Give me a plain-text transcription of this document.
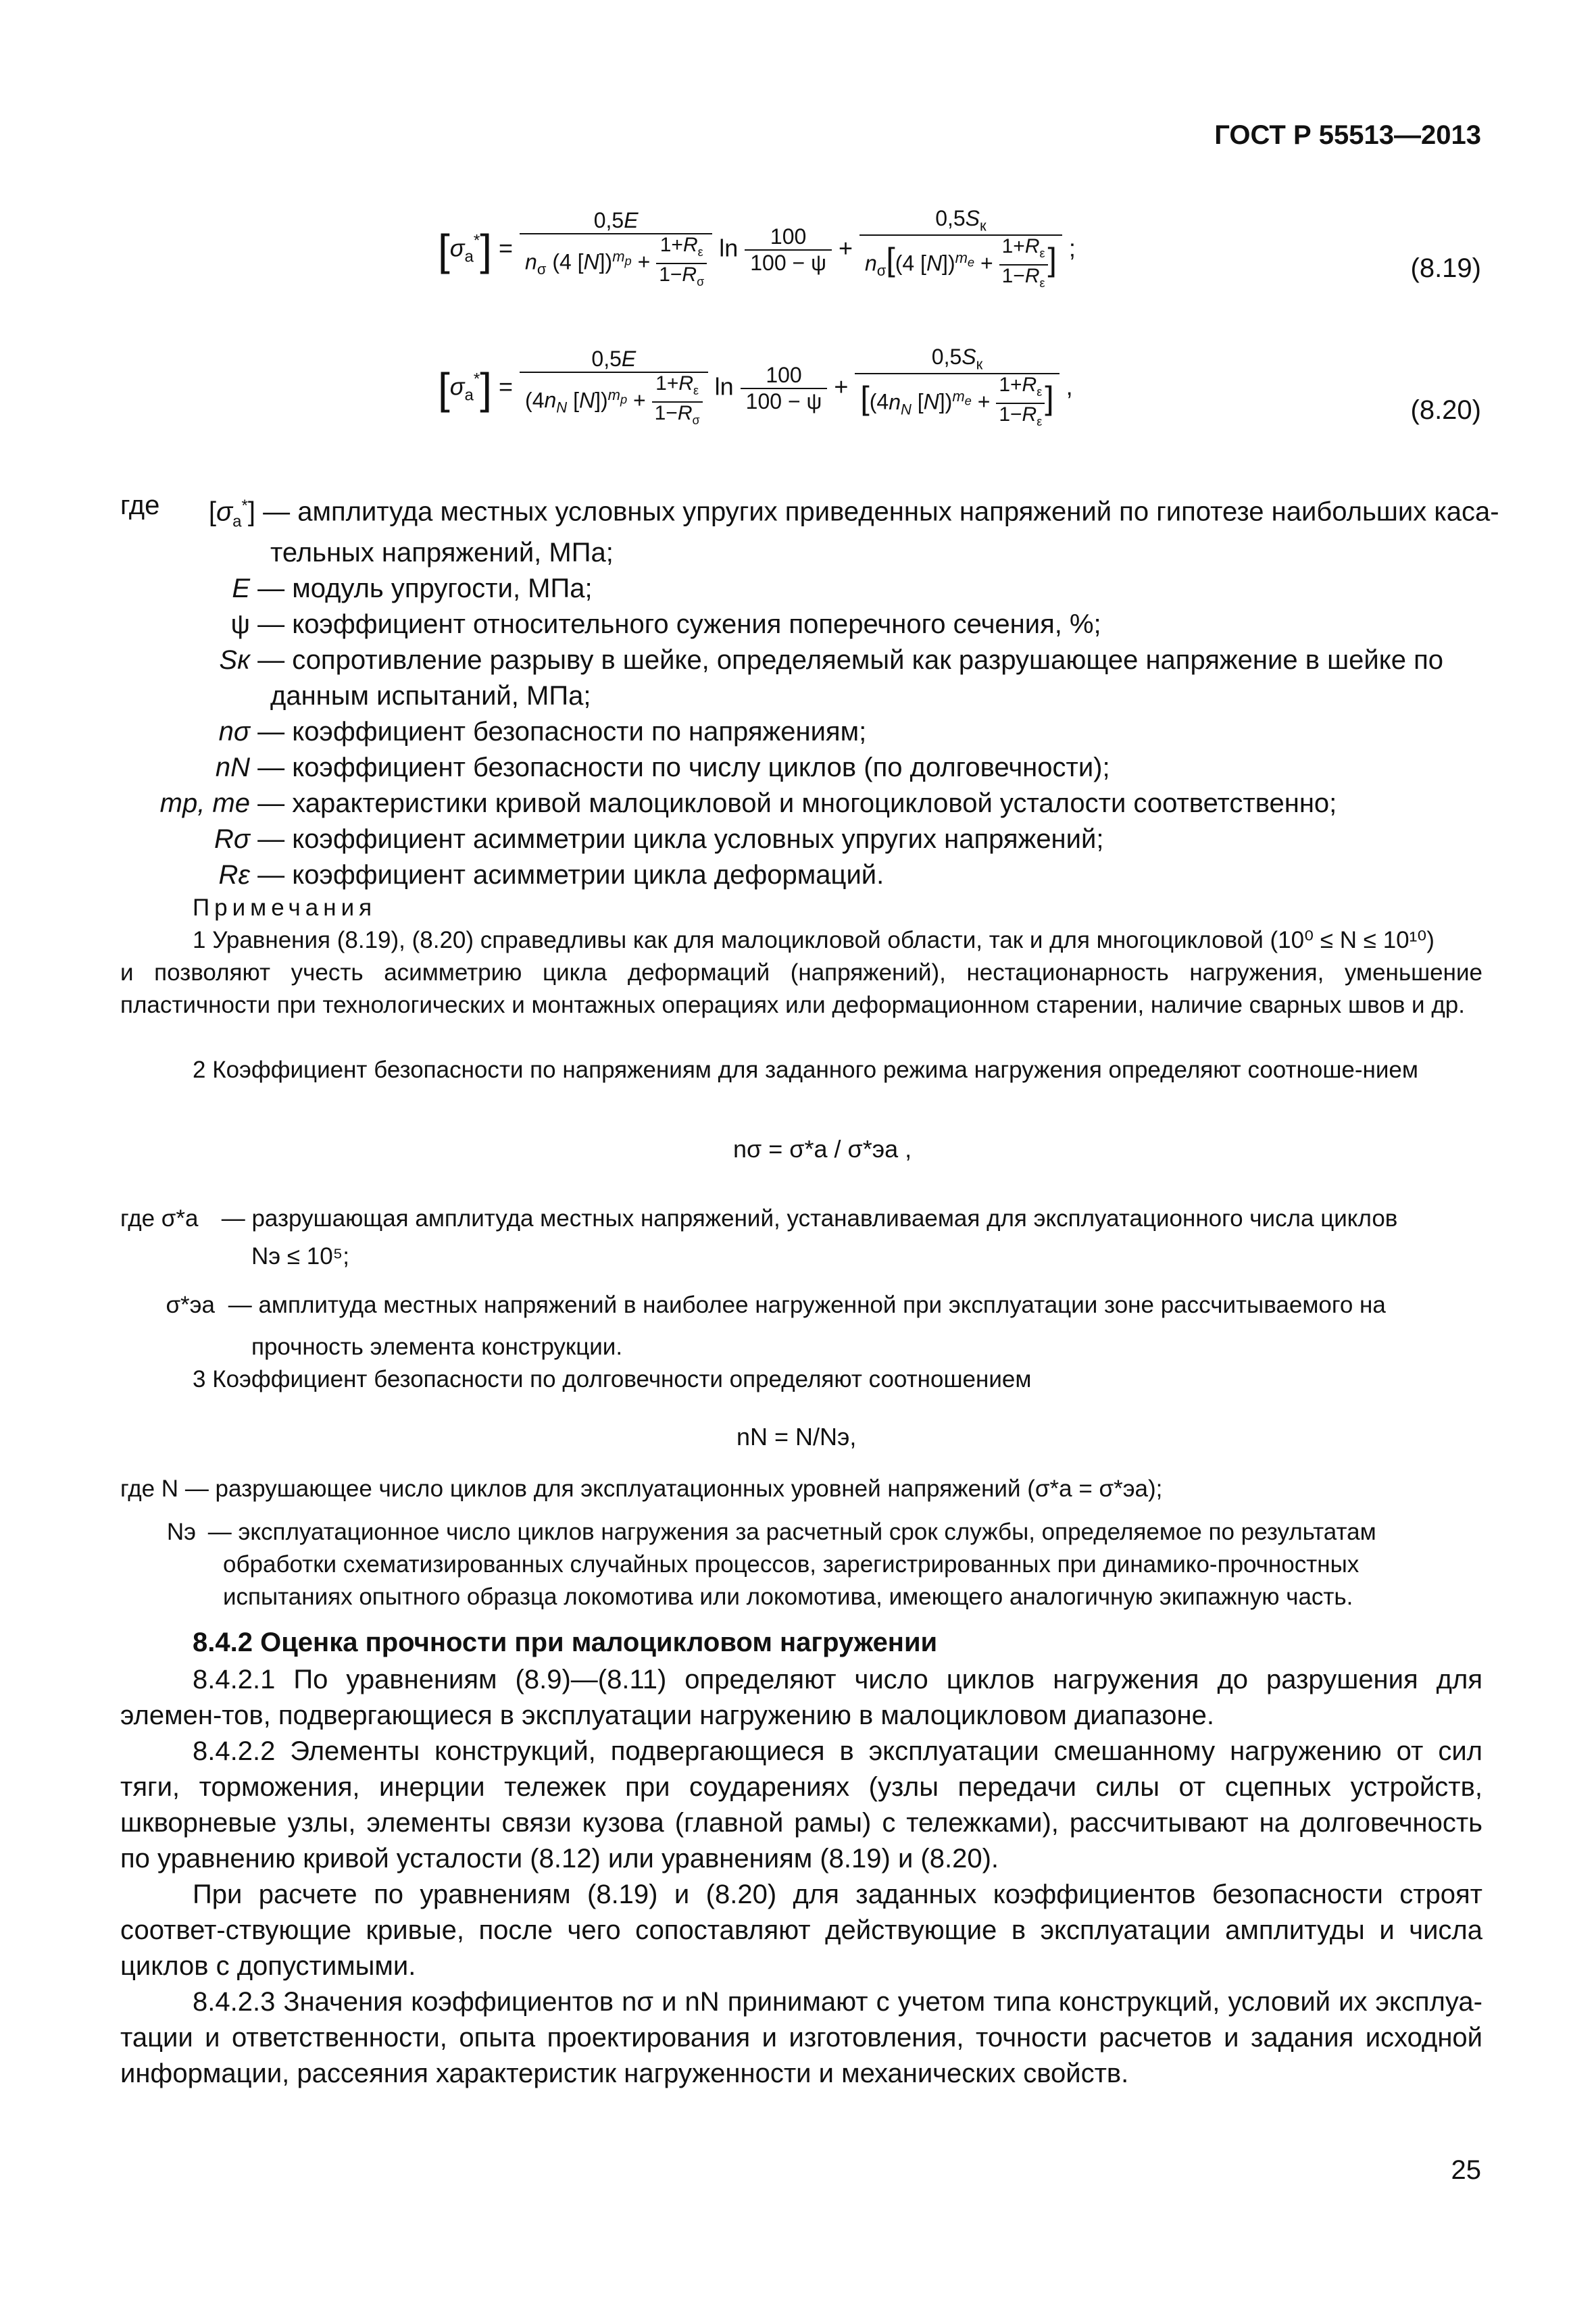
ГОСТ Р 55513—2013
$[\sigma_a^*] = \frac{0,5E}{n_\sigma (4 [N])^{m_p} + \frac{1+R_\varepsilon}{1-R_\sigma}}$ $\ln \frac{100}{100 - \psi} + \frac{0,5S_к}{n_\sigma[(4 [N])^{m_e} + \frac{1+R_\varepsilon}{1-R_\varepsilon} ]}$ ;
(8.19)
$[\sigma_a^*] = \frac{0,5E}{(4n_N [N])^{m_p} + \frac{1+R_\varepsilon}{1-R_\sigma}}$ $\ln \frac{100}{100 - \psi} + \frac{0,5S_к}{[(4n_N [N])^{m_e} + \frac{1+R_\varepsilon}{1-R_\varepsilon} ]}$ ,
(8.20)
где	$[\sigma_a^*]$ — амплитуда местных условных упругих приведенных напряжений по гипотезе наибольших каса-
тельных напряжений, МПа;
E — модуль упругости, МПа;
ψ — коэффициент относительного сужения поперечного сечения, %;
Sк — сопротивление разрыву в шейке, определяемый как разрушающее напряжение в шейке по
данным испытаний, МПа;
nσ — коэффициент безопасности по напряжениям;
nN — коэффициент безопасности по числу циклов (по долговечности);
mp, me — характеристики кривой малоцикловой и многоцикловой усталости соответственно;
Rσ — коэффициент асимметрии цикла условных упругих напряжений;
Rε — коэффициент асимметрии цикла деформаций.
Примечания
1 Уравнения (8.19), (8.20) справедливы как для малоцикловой области, так и для многоцикловой (10⁰ ≤ N ≤ 10¹⁰)
и позволяют учесть асимметрию цикла деформаций (напряжений), нестационарность нагружения, уменьшение пластичности при технологических и монтажных операциях или деформационном старении, наличие сварных швов и др.
2 Коэффициент безопасности по напряжениям для заданного режима нагружения определяют соотноше-нием
nσ = σ*a / σ*эa ,
где σ*a — разрушающая амплитуда местных напряжений, устанавливаемая для эксплуатационного числа циклов
Nэ ≤ 10⁵;
σ*эa — амплитуда местных напряжений в наиболее нагруженной при эксплуатации зоне рассчитываемого на
прочность элемента конструкции.
3 Коэффициент безопасности по долговечности определяют соотношением
nN = N/Nэ,
где N — разрушающее число циклов для эксплуатационных уровней напряжений (σ*a = σ*эa);
Nэ — эксплуатационное число циклов нагружения за расчетный срок службы, определяемое по результатам
обработки схематизированных случайных процессов, зарегистрированных при динамико-прочностных
испытаниях опытного образца локомотива или локомотива, имеющего аналогичную экипажную часть.
8.4.2 Оценка прочности при малоцикловом нагружении
8.4.2.1 По уравнениям (8.9)—(8.11) определяют число циклов нагружения до разрушения для элемен-тов, подвергающиеся в эксплуатации нагружению в малоцикловом диапазоне.
8.4.2.2 Элементы конструкций, подвергающиеся в эксплуатации смешанному нагружению от сил тяги, торможения, инерции тележек при соударениях (узлы передачи силы от сцепных устройств, шкворневые узлы, элементы связи кузова (главной рамы) с тележками), рассчитывают на долговечность по уравнению кривой усталости (8.12) или уравнениям (8.19) и (8.20).
При расчете по уравнениям (8.19) и (8.20) для заданных коэффициентов безопасности строят соответ-ствующие кривые, после чего сопоставляют действующие в эксплуатации амплитуды и числа циклов с допустимыми.
8.4.2.3 Значения коэффициентов nσ и nN принимают с учетом типа конструкций, условий их эксплуа-тации и ответственности, опыта проектирования и изготовления, точности расчетов и задания исходной информации, рассеяния характеристик нагруженности и механических свойств.
25
